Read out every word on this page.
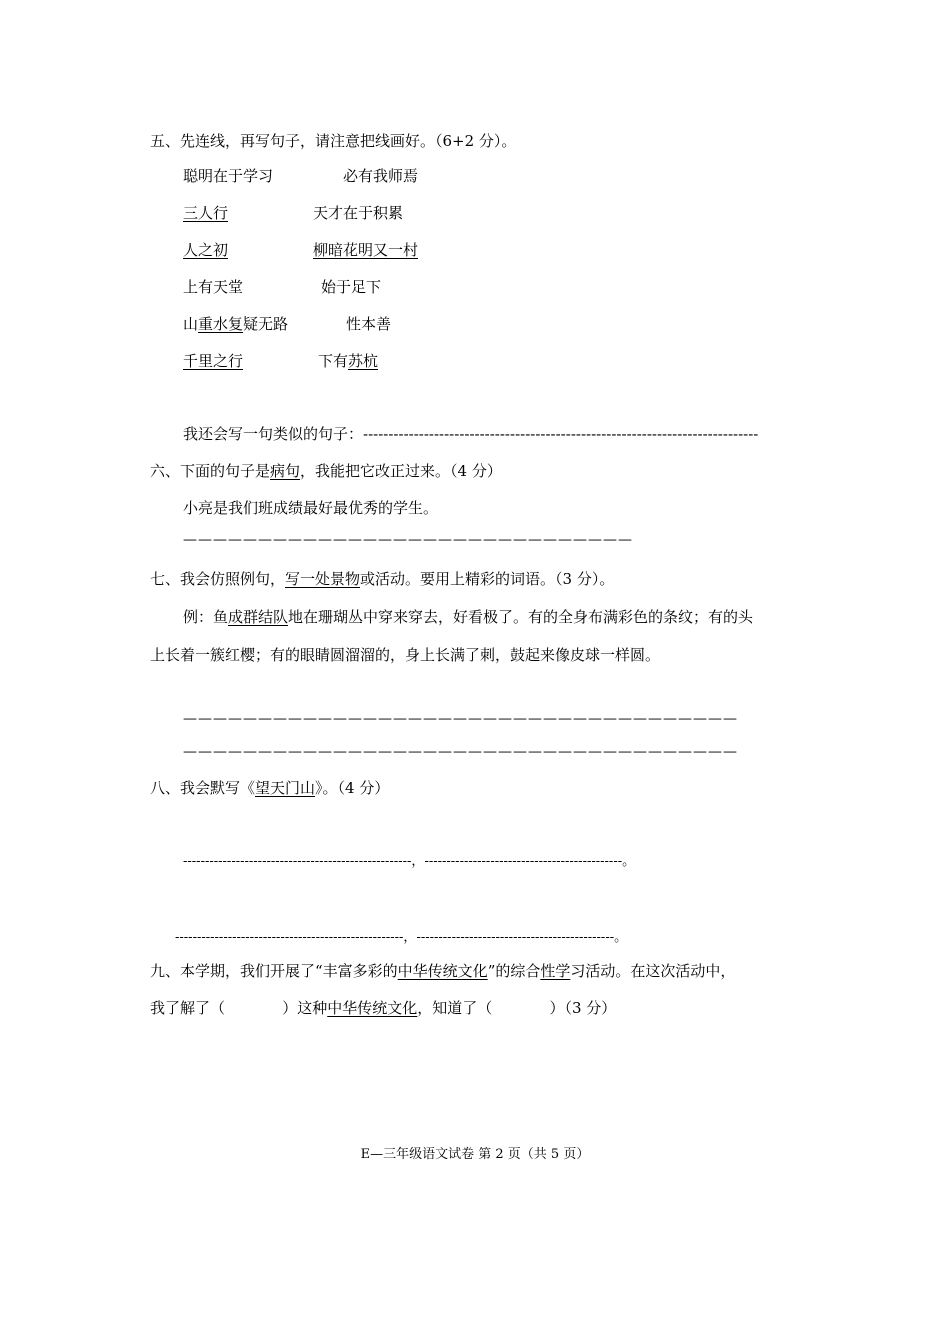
五、先连线，再写句子，请注意把线画好。（6+2 分）。
聪明在于学习	必有我师焉
三人行	天才在于积累
人之初	柳暗花明又一村
上有天堂	始于足下
山重水复疑无路	性本善
千里之行	下有苏杭
我还会写一句类似的句子：------------------------------------------------------------------------------
六、下面的句子是病句，我能把它改正过来。（4 分）
小亮是我们班成绩最好最优秀的学生。
——————————————————————————————
七、我会仿照例句，写一处景物或活动。要用上精彩的词语。（3 分）。
例：鱼成群结队地在珊瑚丛中穿来穿去，好看极了。有的全身布满彩色的条纹；有的头
上长着一簇红樱；有的眼睛圆溜溜的，身上长满了刺，鼓起来像皮球一样圆。
—————————————————————————————————————
—————————————————————————————————————
八、我会默写《望天门山》。（4 分）
----------------------------------------------------，---------------------------------------------。
----------------------------------------------------，---------------------------------------------。
九、本学期，我们开展了“丰富多彩的中华传统文化”的综合性学习活动。在这次活动中，
我了解了（	）这种中华传统文化，知道了（	）（3 分）
E—三年级语文试卷 第 2 页（共 5 页）
